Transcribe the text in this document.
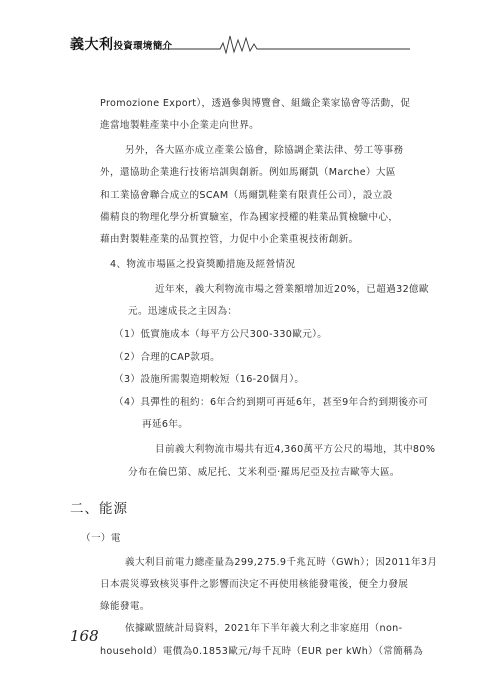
義大利投資環境簡介

Promozione Export），透過參與博覽會、組織企業家協會等活動，促

進當地製鞋產業中小企業走向世界。

另外，各大區亦成立產業公協會，除協調企業法律、勞工等事務

外，還協助企業進行技術培訓與創新。例如馬爾凱（Marche）大區

和工業協會聯合成立的SCAM（馬爾凱鞋業有限責任公司），設立設

備精良的物理化學分析實驗室，作為國家授權的鞋業品質檢驗中心，

藉由對製鞋產業的品質控管，力促中小企業重視技術創新。

4、物流市場區之投資獎勵措施及經營情況

近年來，義大利物流市場之營業額增加近20%，已超過32億歐

元。迅速成長之主因為：

（1）低實施成本（每平方公尺300-330歐元）。

（2）合理的CAP款項。

（3）設施所需製造期較短（16-20個月）。

（4）具彈性的租約：6年合約到期可再延6年，甚至9年合約到期後亦可

再延6年。

目前義大利物流市場共有近4,360萬平方公尺的場地，其中80%

分布在倫巴第、威尼托、艾米利亞·羅馬尼亞及拉吉歐等大區。

二、能源

（一）電

義大利目前電力總產量為299,275.9千兆瓦時（GWh）；因2011年3月

日本震災導致核災事件之影響而決定不再使用核能發電後，便全力發展

綠能發電。

依據歐盟統計局資料，2021年下半年義大利之非家庭用（non-

household）電價為0.1853歐元/每千瓦時（EUR per kWh）（常簡稱為

168
